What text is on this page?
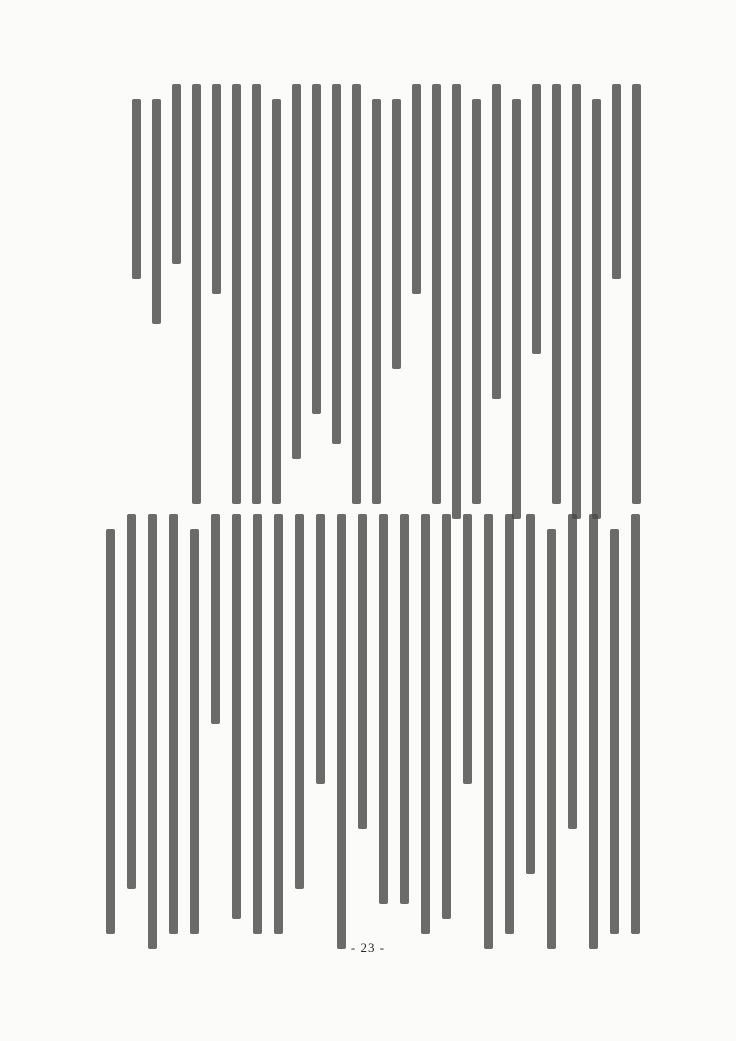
- 23 -
